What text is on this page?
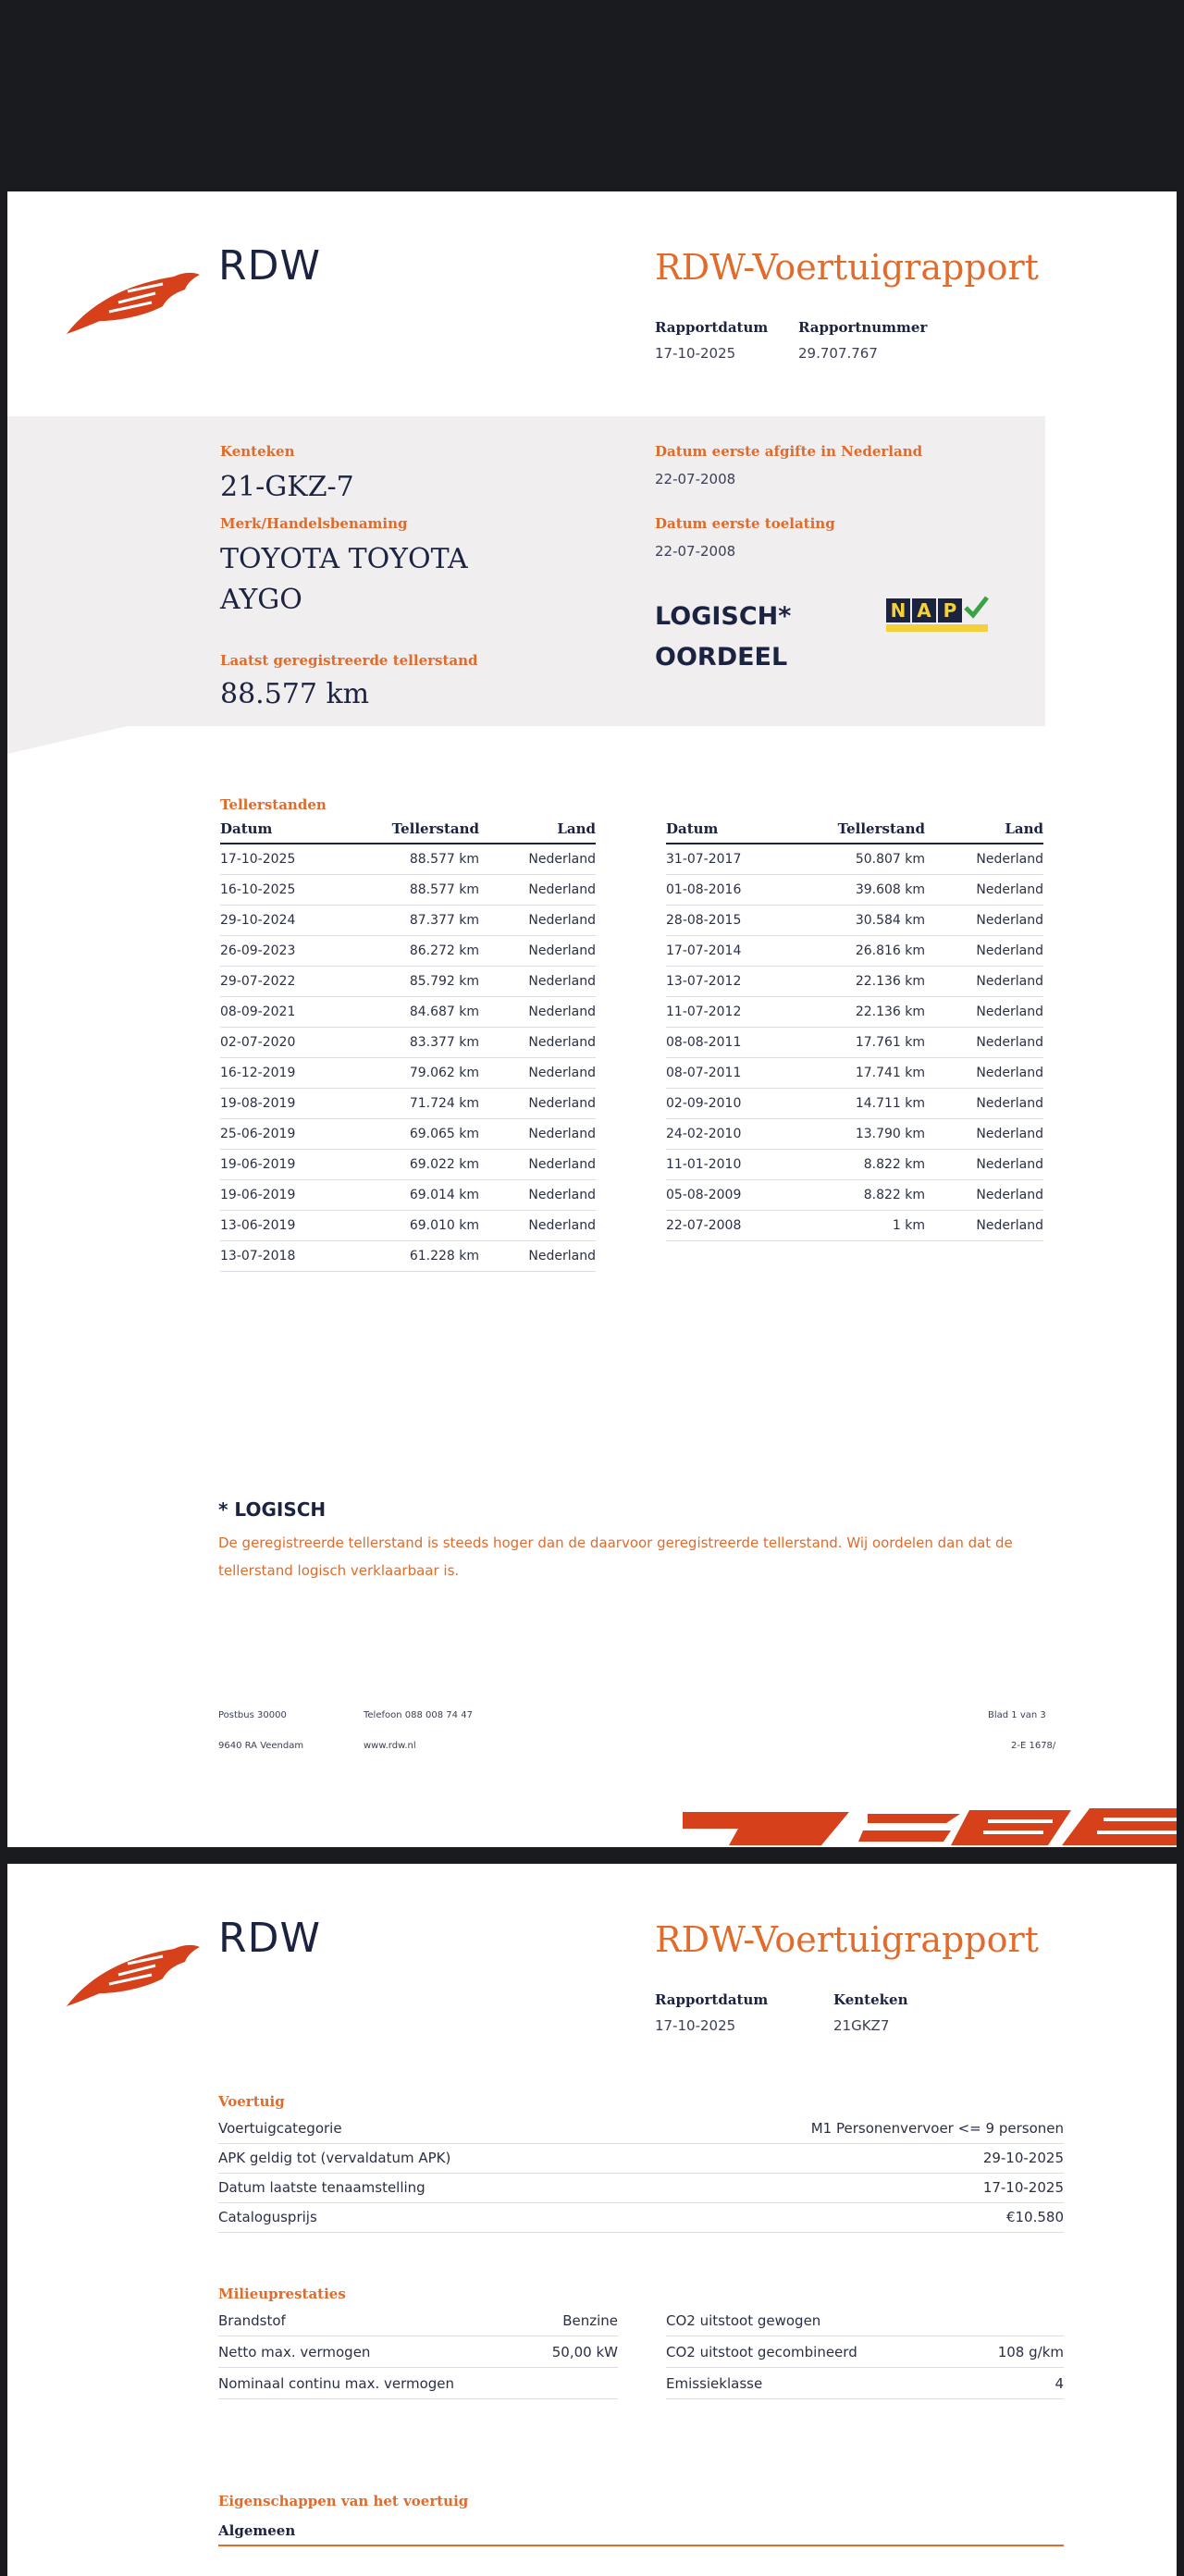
RDW	RDW-Voertuigrapport
Rapportdatum
17-10-2025
Rapportnummer
29.707.767
Kenteken
21-GKZ-7
Merk/Handelsbenaming
TOYOTA TOYOTA
AYGO
Laatst geregistreerde tellerstand
88.577 km
Datum eerste afgifte in Nederland
22-07-2008
Datum eerste toelating
22-07-2008
LOGISCH*
OORDEEL
N A P
Tellerstanden
Datum	Tellerstand	Land
17-10-2025	88.577 km	Nederland
16-10-2025	88.577 km	Nederland
29-10-2024	87.377 km	Nederland
26-09-2023	86.272 km	Nederland
29-07-2022	85.792 km	Nederland
08-09-2021	84.687 km	Nederland
02-07-2020	83.377 km	Nederland
16-12-2019	79.062 km	Nederland
19-08-2019	71.724 km	Nederland
25-06-2019	69.065 km	Nederland
19-06-2019	69.022 km	Nederland
19-06-2019	69.014 km	Nederland
13-06-2019	69.010 km	Nederland
13-07-2018	61.228 km	Nederland
Datum	Tellerstand	Land
31-07-2017	50.807 km	Nederland
01-08-2016	39.608 km	Nederland
28-08-2015	30.584 km	Nederland
17-07-2014	26.816 km	Nederland
13-07-2012	22.136 km	Nederland
11-07-2012	22.136 km	Nederland
08-08-2011	17.761 km	Nederland
08-07-2011	17.741 km	Nederland
02-09-2010	14.711 km	Nederland
24-02-2010	13.790 km	Nederland
11-01-2010	8.822 km	Nederland
05-08-2009	8.822 km	Nederland
22-07-2008	1 km	Nederland
* LOGISCH
De geregistreerde tellerstand is steeds hoger dan de daarvoor geregistreerde tellerstand. Wij oordelen dan dat de tellerstand logisch verklaarbaar is.
Postbus 30000
9640 RA Veendam
Telefoon 088 008 74 47
www.rdw.nl
Blad 1 van 3
2-E 1678/
RDW	RDW-Voertuigrapport
Rapportdatum
17-10-2025
Kenteken
21GKZ7
Voertuig
Voertuigcategorie	M1 Personenvervoer <= 9 personen
APK geldig tot (vervaldatum APK)	29-10-2025
Datum laatste tenaamstelling	17-10-2025
Catalogusprijs	€10.580
Milieuprestaties
Brandstof	Benzine
Netto max. vermogen	50,00 kW
Nominaal continu max. vermogen
CO2 uitstoot gewogen
CO2 uitstoot gecombineerd	108 g/km
Emissieklasse	4
Eigenschappen van het voertuig
Algemeen
